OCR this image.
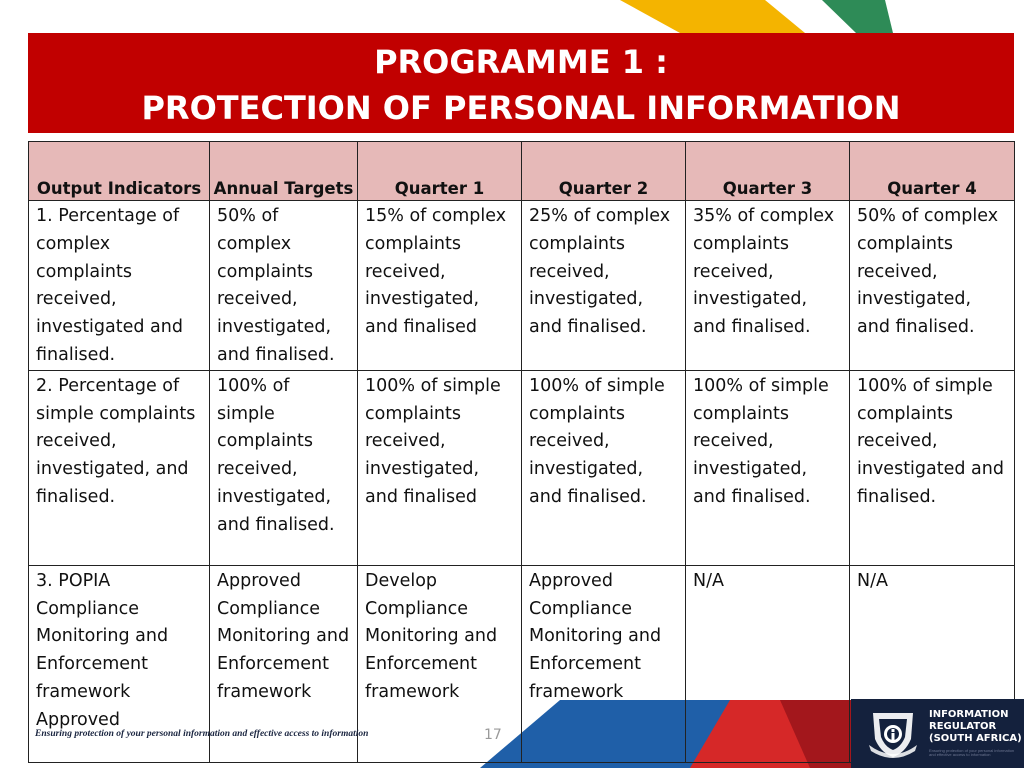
PROGRAMME 1 :
PROTECTION OF PERSONAL INFORMATION
Output Indicators	Annual Targets	Quarter 1	Quarter 2	Quarter 3	Quarter 4
1. Percentage of complex complaints received, investigated and finalised.	50% of complex complaints received, investigated, and finalised.	15% of complex complaints received, investigated, and finalised	25% of complex complaints received, investigated, and finalised.	35% of complex complaints received, investigated, and finalised.	50% of complex complaints received, investigated, and finalised.
2. Percentage of simple complaints received, investigated, and finalised.	100% of simple complaints received, investigated, and finalised.	100% of simple complaints received, investigated, and finalised	100% of simple complaints received, investigated, and finalised.	100% of simple complaints received, investigated, and finalised.	100% of simple complaints received, investigated and finalised.
3. POPIA Compliance Monitoring and Enforcement framework Approved	Approved Compliance Monitoring and Enforcement framework	Develop Compliance Monitoring and Enforcement framework	Approved Compliance Monitoring and Enforcement framework	N/A	N/A
Ensuring protection of your personal information and effective access to information	17
INFORMATION
REGULATOR
(SOUTH AFRICA)
Ensuring protection of your personal information and effective access to information
